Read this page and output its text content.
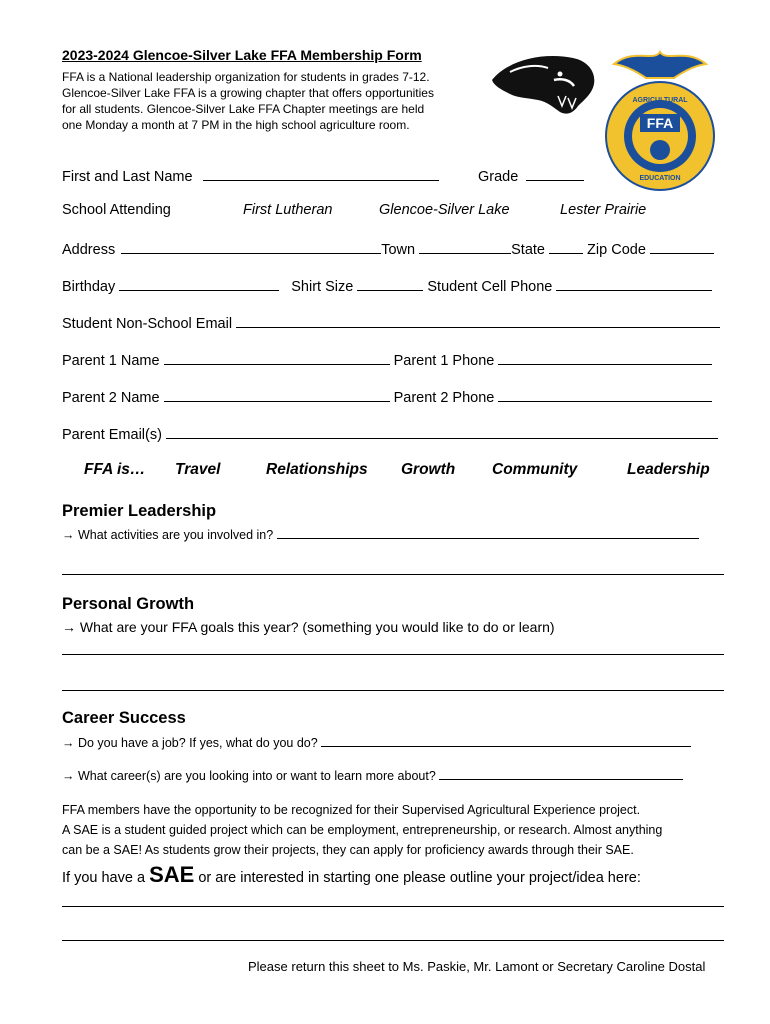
2023-2024 Glencoe-Silver Lake FFA Membership Form
FFA is a National leadership organization for students in grades 7-12.
Glencoe-Silver Lake FFA is a growing chapter that offers opportunities
for all students. Glencoe-Silver Lake FFA Chapter meetings are held
one Monday a month at 7 PM in the high school agriculture room.	FFA
AGRICULTURAL
EDUCATION
First and Last Name	Grade
School Attending	First Lutheran	Glencoe-Silver Lake	Lester Prairie
Address	Town	State	Zip Code
Birthday	Shirt Size	Student Cell Phone
Student Non-School Email
Parent 1 Name	Parent 1 Phone
Parent 2 Name	Parent 2 Phone
Parent Email(s)
FFA is… Travel	Relationships Growth Community	Leadership
Premier Leadership
→ What activities are you involved in?
Personal Growth
→ What are your FFA goals this year? (something you would like to do or learn)
Career Success
→ Do you have a job? If yes, what do you do?
→ What career(s) are you looking into or want to learn more about?
FFA members have the opportunity to be recognized for their Supervised Agricultural Experience project.
A SAE is a student guided project which can be employment, entrepreneurship, or research. Almost anything
can be a SAE! As students grow their projects, they can apply for proficiency awards through their SAE.
If you have a SAE or are interested in starting one please outline your project/idea here:
Please return this sheet to Ms. Paskie, Mr. Lamont or Secretary Caroline Dostal
